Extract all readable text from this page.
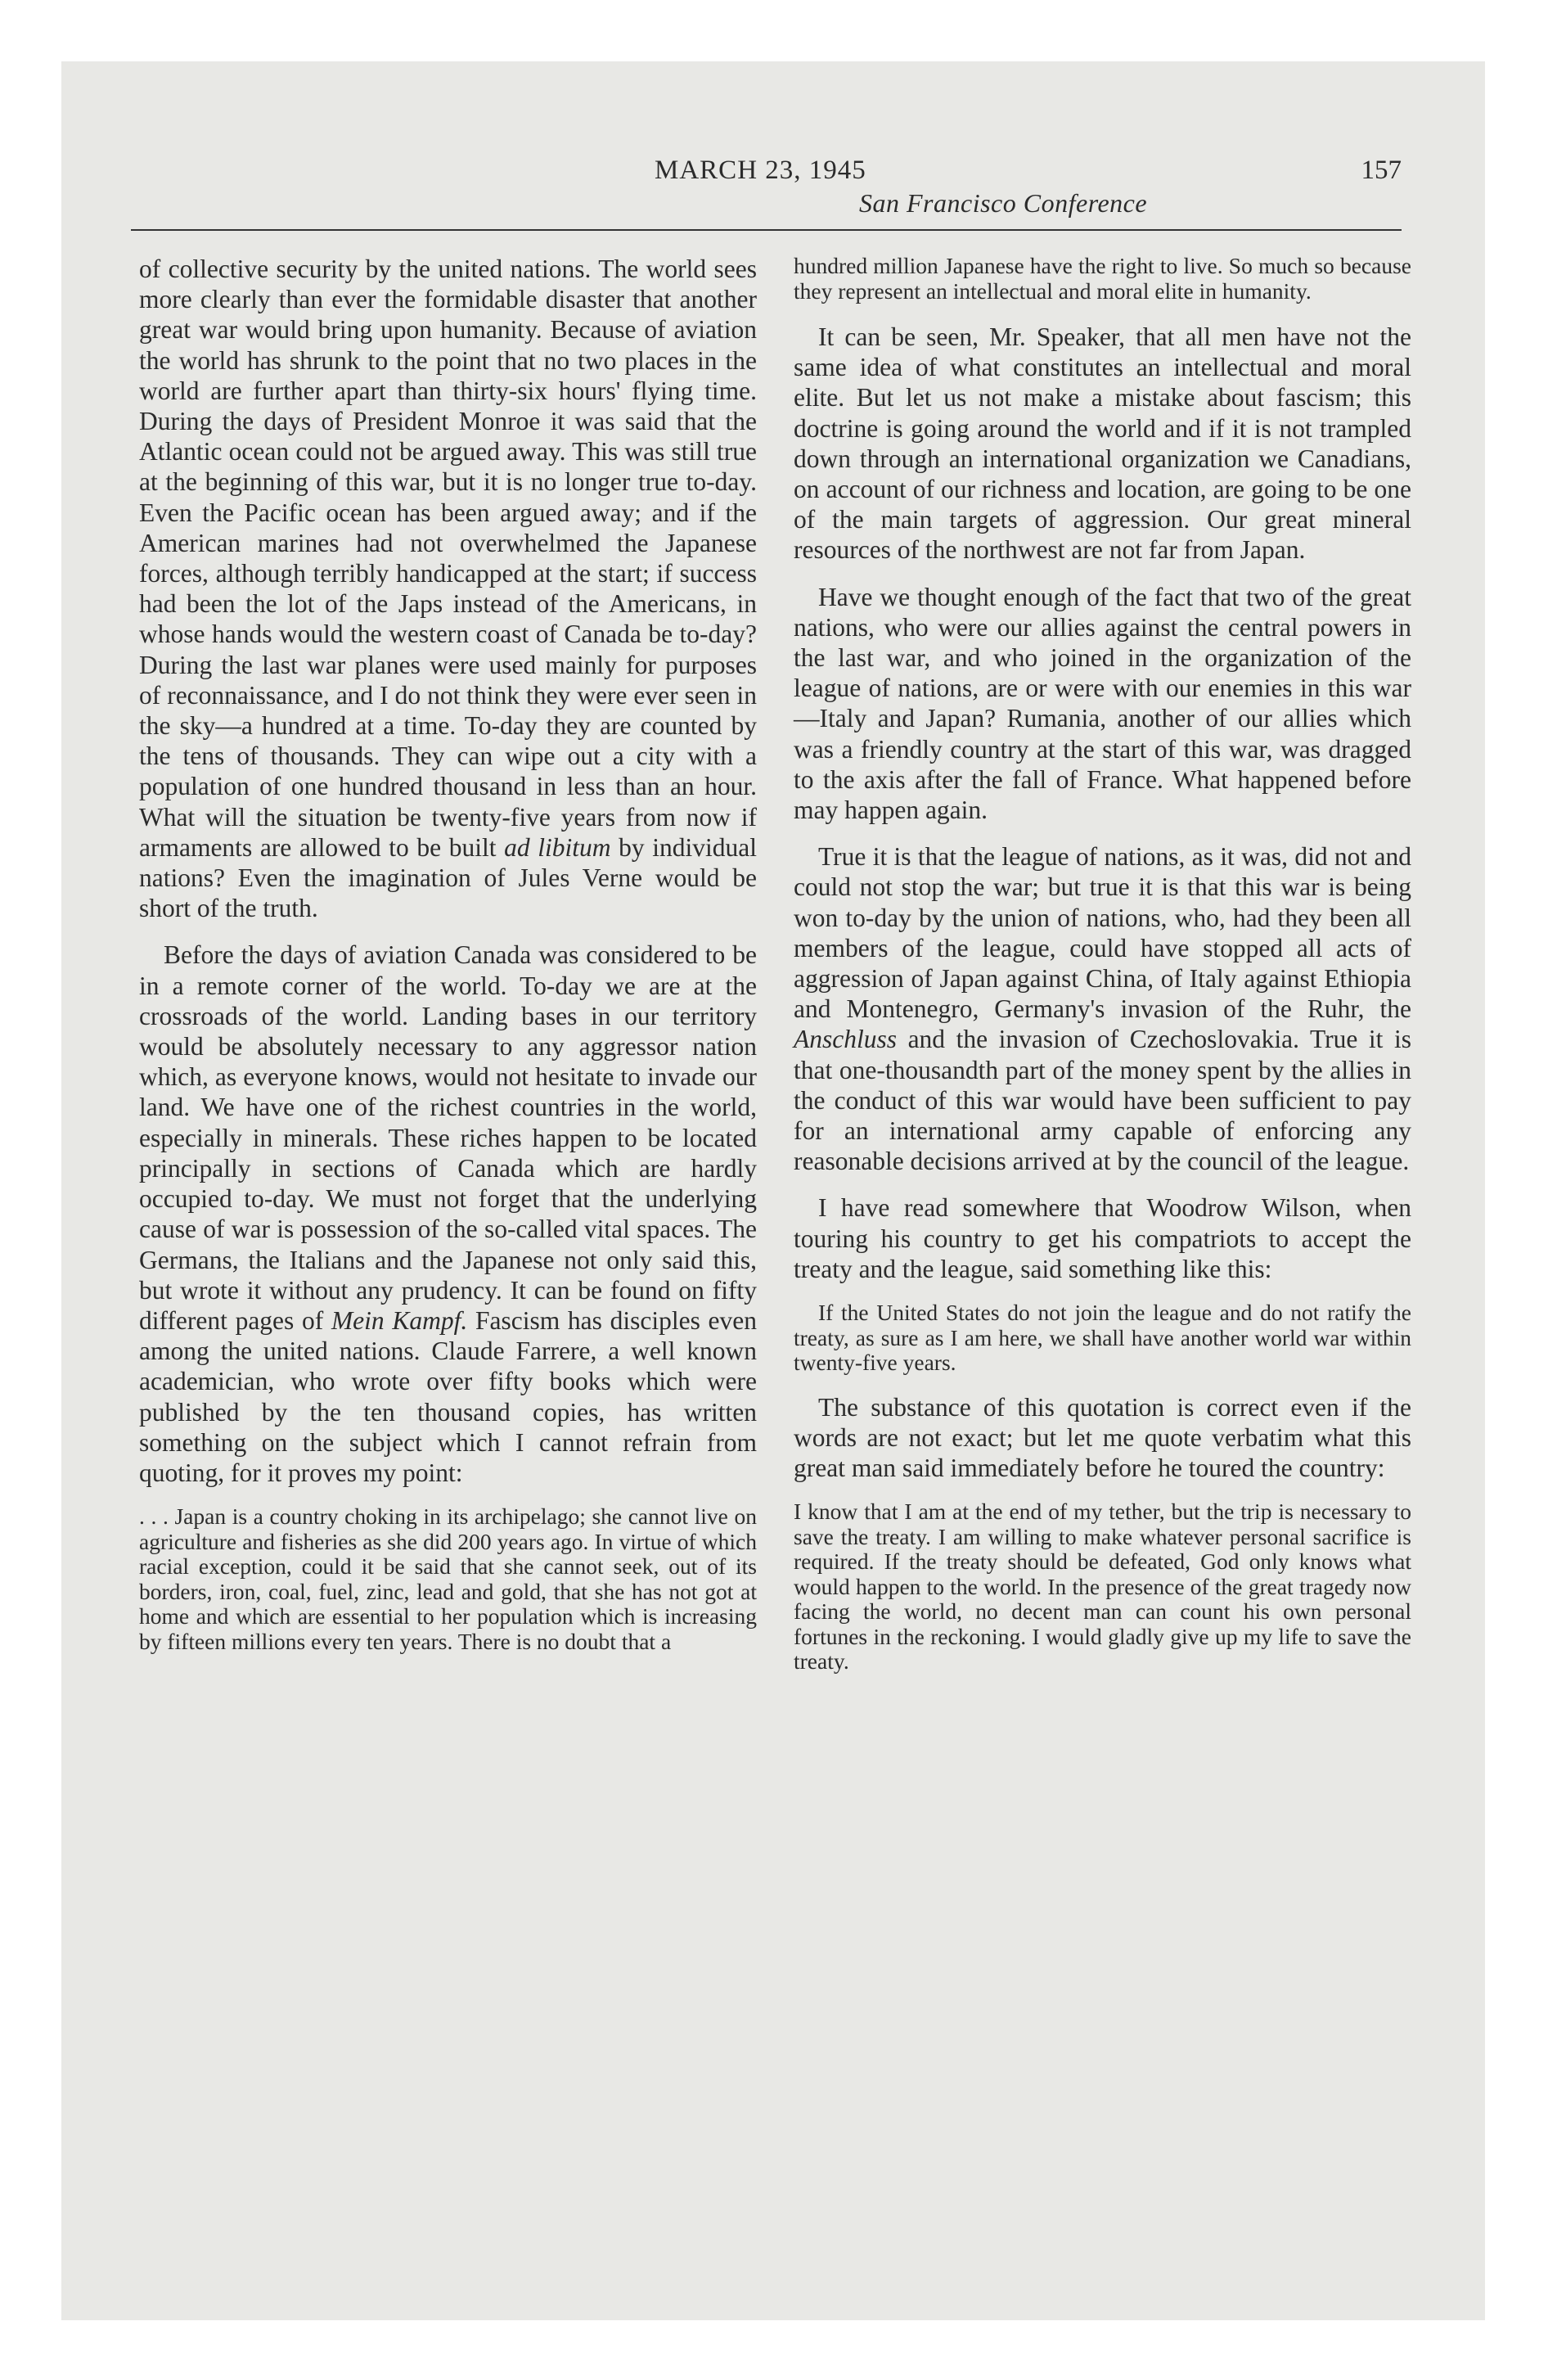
MARCH 23, 1945	157
San Francisco Conference

of collective security by the united nations. The world sees more clearly than ever the formidable disaster that another great war would bring upon humanity. Because of aviation the world has shrunk to the point that no two places in the world are further apart than thirty-six hours' flying time. During the days of President Monroe it was said that the Atlantic ocean could not be argued away. This was still true at the beginning of this war, but it is no longer true to-day. Even the Pacific ocean has been argued away; and if the American marines had not overwhelmed the Japanese forces, although terribly handicapped at the start; if success had been the lot of the Japs instead of the Americans, in whose hands would the western coast of Canada be to-day? During the last war planes were used mainly for purposes of reconnaissance, and I do not think they were ever seen in the sky—a hundred at a time. To-day they are counted by the tens of thousands. They can wipe out a city with a population of one hundred thousand in less than an hour. What will the situation be twenty-five years from now if armaments are allowed to be built ad libitum by individual nations? Even the imagination of Jules Verne would be short of the truth.

Before the days of aviation Canada was considered to be in a remote corner of the world. To-day we are at the crossroads of the world. Landing bases in our territory would be absolutely necessary to any aggressor nation which, as everyone knows, would not hesitate to invade our land. We have one of the richest countries in the world, especially in minerals. These riches happen to be located principally in sections of Canada which are hardly occupied to-day. We must not forget that the underlying cause of war is possession of the so-called vital spaces. The Germans, the Italians and the Japanese not only said this, but wrote it without any prudency. It can be found on fifty different pages of Mein Kampf. Fascism has disciples even among the united nations. Claude Farrere, a well known academician, who wrote over fifty books which were published by the ten thousand copies, has written something on the subject which I cannot refrain from quoting, for it proves my point:

. . . Japan is a country choking in its archipelago; she cannot live on agriculture and fisheries as she did 200 years ago. In virtue of which racial exception, could it be said that she cannot seek, out of its borders, iron, coal, fuel, zinc, lead and gold, that she has not got at home and which are essential to her population which is increasing by fifteen millions every ten years. There is no doubt that a
hundred million Japanese have the right to live. So much so because they represent an intellectual and moral elite in humanity.

It can be seen, Mr. Speaker, that all men have not the same idea of what constitutes an intellectual and moral elite. But let us not make a mistake about fascism; this doctrine is going around the world and if it is not trampled down through an international organization we Canadians, on account of our richness and location, are going to be one of the main targets of aggression. Our great mineral resources of the northwest are not far from Japan.

Have we thought enough of the fact that two of the great nations, who were our allies against the central powers in the last war, and who joined in the organization of the league of nations, are or were with our enemies in this war—Italy and Japan? Rumania, another of our allies which was a friendly country at the start of this war, was dragged to the axis after the fall of France. What happened before may happen again.

True it is that the league of nations, as it was, did not and could not stop the war; but true it is that this war is being won to-day by the union of nations, who, had they been all members of the league, could have stopped all acts of aggression of Japan against China, of Italy against Ethiopia and Montenegro, Germany's invasion of the Ruhr, the Anschluss and the invasion of Czechoslovakia. True it is that one-thousandth part of the money spent by the allies in the conduct of this war would have been sufficient to pay for an international army capable of enforcing any reasonable decisions arrived at by the council of the league.

I have read somewhere that Woodrow Wilson, when touring his country to get his compatriots to accept the treaty and the league, said something like this:

If the United States do not join the league and do not ratify the treaty, as sure as I am here, we shall have another world war within twenty-five years.

The substance of this quotation is correct even if the words are not exact; but let me quote verbatim what this great man said immediately before he toured the country:

I know that I am at the end of my tether, but the trip is necessary to save the treaty. I am willing to make whatever personal sacrifice is required. If the treaty should be defeated, God only knows what would happen to the world. In the presence of the great tragedy now facing the world, no decent man can count his own personal fortunes in the reckoning. I would gladly give up my life to save the treaty.
